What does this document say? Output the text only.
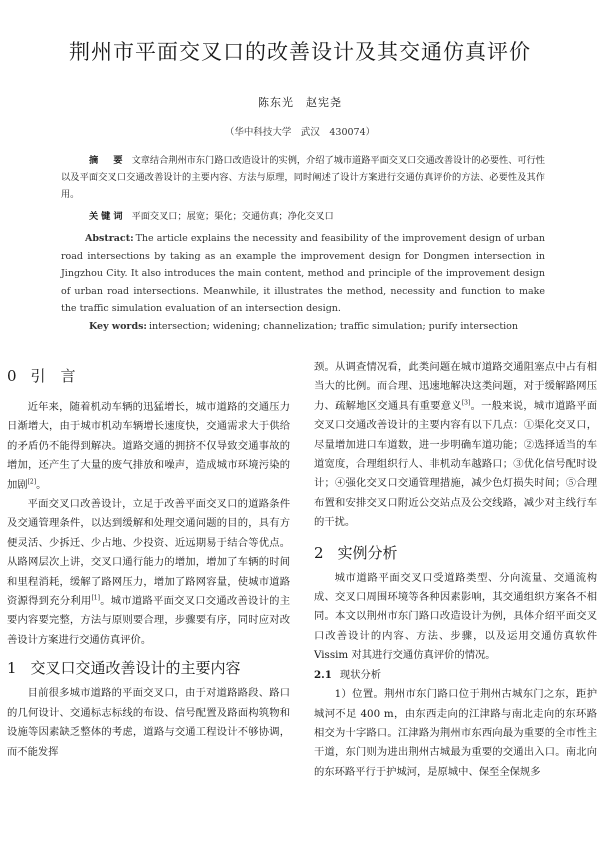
荆州市平面交叉口的改善设计及其交通仿真评价
陈东光　赵宪尧
（华中科技大学　武汉　430074）
摘　要 文章结合荆州市东门路口改造设计的实例，介绍了城市道路平面交叉口交通改善设计的必要性、可行性以及平面交叉口交通改善设计的主要内容、方法与原理，同时阐述了设计方案进行交通仿真评价的方法、必要性及其作用。
关键词 平面交叉口；展宽；渠化；交通仿真；净化交叉口
Abstract: The article explains the necessity and feasibility of the improvement design of urban road intersections by taking as an example the improvement design for Dongmen intersection in Jingzhou City. It also introduces the main content, method and principle of the improvement design of urban road intersections. Meanwhile, it illustrates the method, necessity and function to make the traffic simulation evaluation of an intersection design.
Key words: intersection; widening; channelization; traffic simulation; purify intersection
0 引　言

近年来，随着机动车辆的迅猛增长，城市道路的交通压力日渐增大，由于城市机动车辆增长速度快，交通需求大于供给的矛盾仍不能得到解决。道路交通的拥挤不仅导致交通事故的增加，还产生了大量的废气排放和噪声，造成城市环境污染的加剧[2]。

平面交叉口改善设计，立足于改善平面交叉口的道路条件及交通管理条件，以达到缓解和处理交通问题的目的，具有方便灵活、少拆迁、少占地、少投资、近远期易于结合等优点。从路网层次上讲，交叉口通行能力的增加，增加了车辆的时间和里程消耗，缓解了路网压力，增加了路网容量，使城市道路资源得到充分利用[1]。城市道路平面交叉口交通改善设计的主要内容要完整，方法与原则要合理，步骤要有序，同时应对改善设计方案进行交通仿真评价。

1 交叉口交通改善设计的主要内容

目前很多城市道路的平面交叉口，由于对道路路段、路口的几何设计、交通标志标线的布设、信号配置及路面构筑物和设施等因素缺乏整体的考虑，道路与交通工程设计不够协调，而不能发挥

颈。从调查情况看，此类问题在城市道路交通阻塞点中占有相当大的比例。而合理、迅速地解决这类问题，对于缓解路网压力、疏解地区交通具有重要意义[3]。一般来说，城市道路平面交叉口交通改善设计的主要内容有以下几点：①渠化交叉口，尽量增加进口车道数，进一步明确车道功能；②选择适当的车道宽度，合理组织行人、非机动车越路口；③优化信号配时设计；④强化交叉口交通管理措施，减少色灯损失时间；⑤合理布置和安排交叉口附近公交站点及公交线路，减少对主线行车的干扰。

2 实例分析

城市道路平面交叉口受道路类型、分向流量、交通流构成、交叉口周围环境等各种因素影响，其交通组织方案各不相同。本文以荆州市东门路口改造设计为例，具体介绍平面交叉口改善设计的内容、方法、步骤，以及运用交通仿真软件 Vissim 对其进行交通仿真评价的情况。

2.1 现状分析

1）位置。荆州市东门路口位于荆州古城东门之东，距护城河不足 400 m，由东西走向的江津路与南北走向的东环路相交为十字路口。江津路为荆州市东西向最为重要的全市性主干道，东门则为进出荆州古城最为重要的交通出入口。南北向的东环路平行于护城河，是原城中、保至全保规多
